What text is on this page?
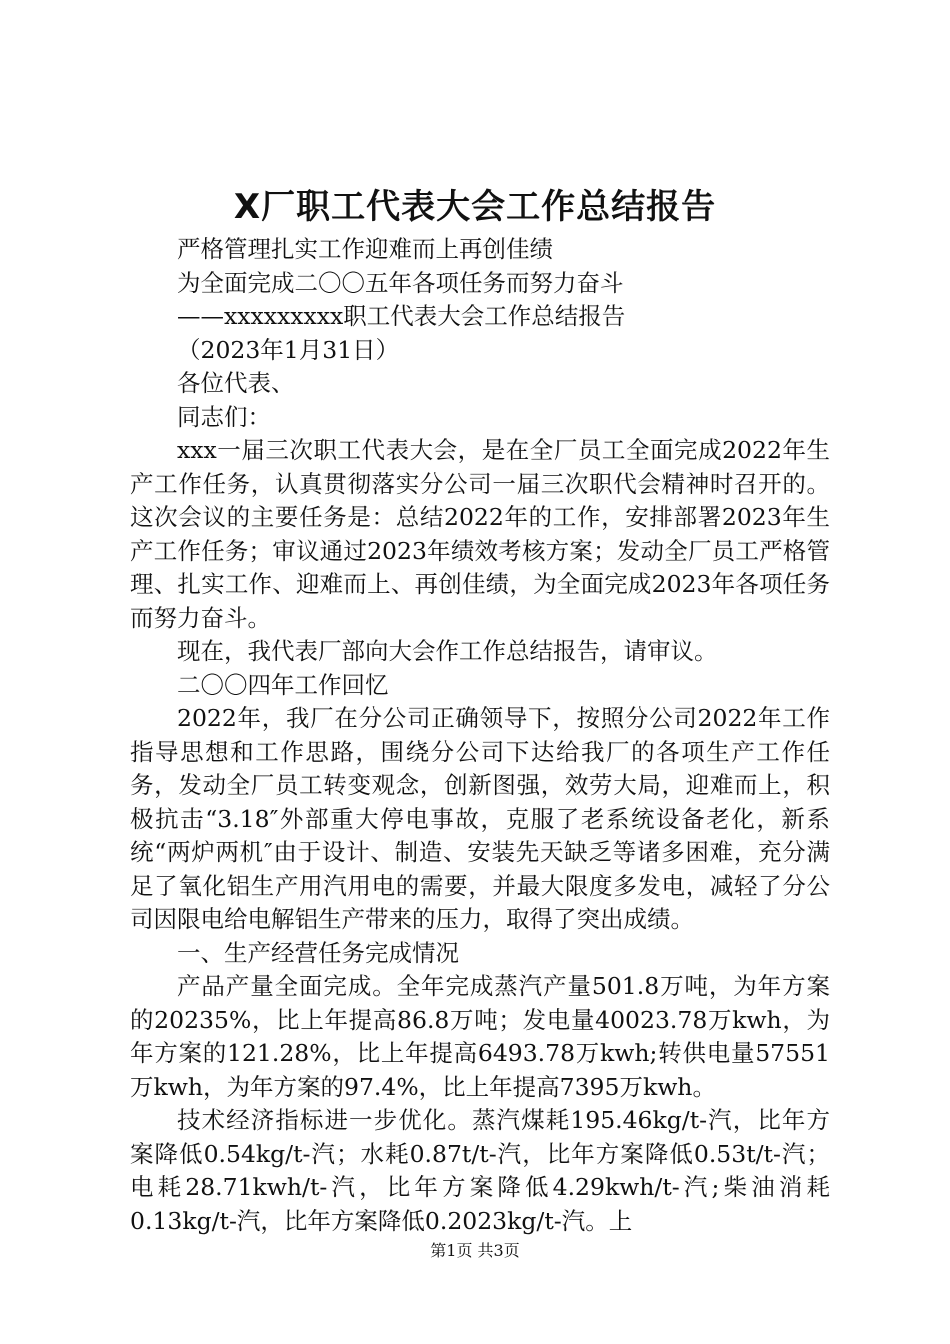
X厂职工代表大会工作总结报告

严格管理扎实工作迎难而上再创佳绩

为全面完成二〇〇五年各项任务而努力奋斗

——xxxxxxxxx职工代表大会工作总结报告

（2023年1月31日）

各位代表、

同志们：

xxx一届三次职工代表大会，是在全厂员工全面完成2022年生产工作任务，认真贯彻落实分公司一届三次职代会精神时召开的。这次会议的主要任务是：总结2022年的工作，安排部署2023年生产工作任务；审议通过2023年绩效考核方案；发动全厂员工严格管理、扎实工作、迎难而上、再创佳绩，为全面完成2023年各项任务而努力奋斗。

现在，我代表厂部向大会作工作总结报告，请审议。

二〇〇四年工作回忆

2022年，我厂在分公司正确领导下，按照分公司2022年工作指导思想和工作思路，围绕分公司下达给我厂的各项生产工作任务，发动全厂员工转变观念，创新图强，效劳大局，迎难而上，积极抗击“3.18″外部重大停电事故，克服了老系统设备老化，新系统“两炉两机″由于设计、制造、安装先天缺乏等诸多困难，充分满足了氧化铝生产用汽用电的需要，并最大限度多发电，减轻了分公司因限电给电解铝生产带来的压力，取得了突出成绩。

一、生产经营任务完成情况

产品产量全面完成。全年完成蒸汽产量501.8万吨，为年方案的20235%，比上年提高86.8万吨；发电量40023.78万kwh，为年方案的121.28%，比上年提高6493.78万kwh;转供电量57551万kwh，为年方案的97.4%，比上年提高7395万kwh。

技术经济指标进一步优化。蒸汽煤耗195.46kg/t-汽，比年方案降低0.54kg/t-汽；水耗0.87t/t-汽，比年方案降低0.53t/t-汽；电耗28.71kwh/t-汽，比年方案降低4.29kwh/t-汽;柴油消耗0.13kg/t-汽，比年方案降低0.2023kg/t-汽。上

第1页 共3页
